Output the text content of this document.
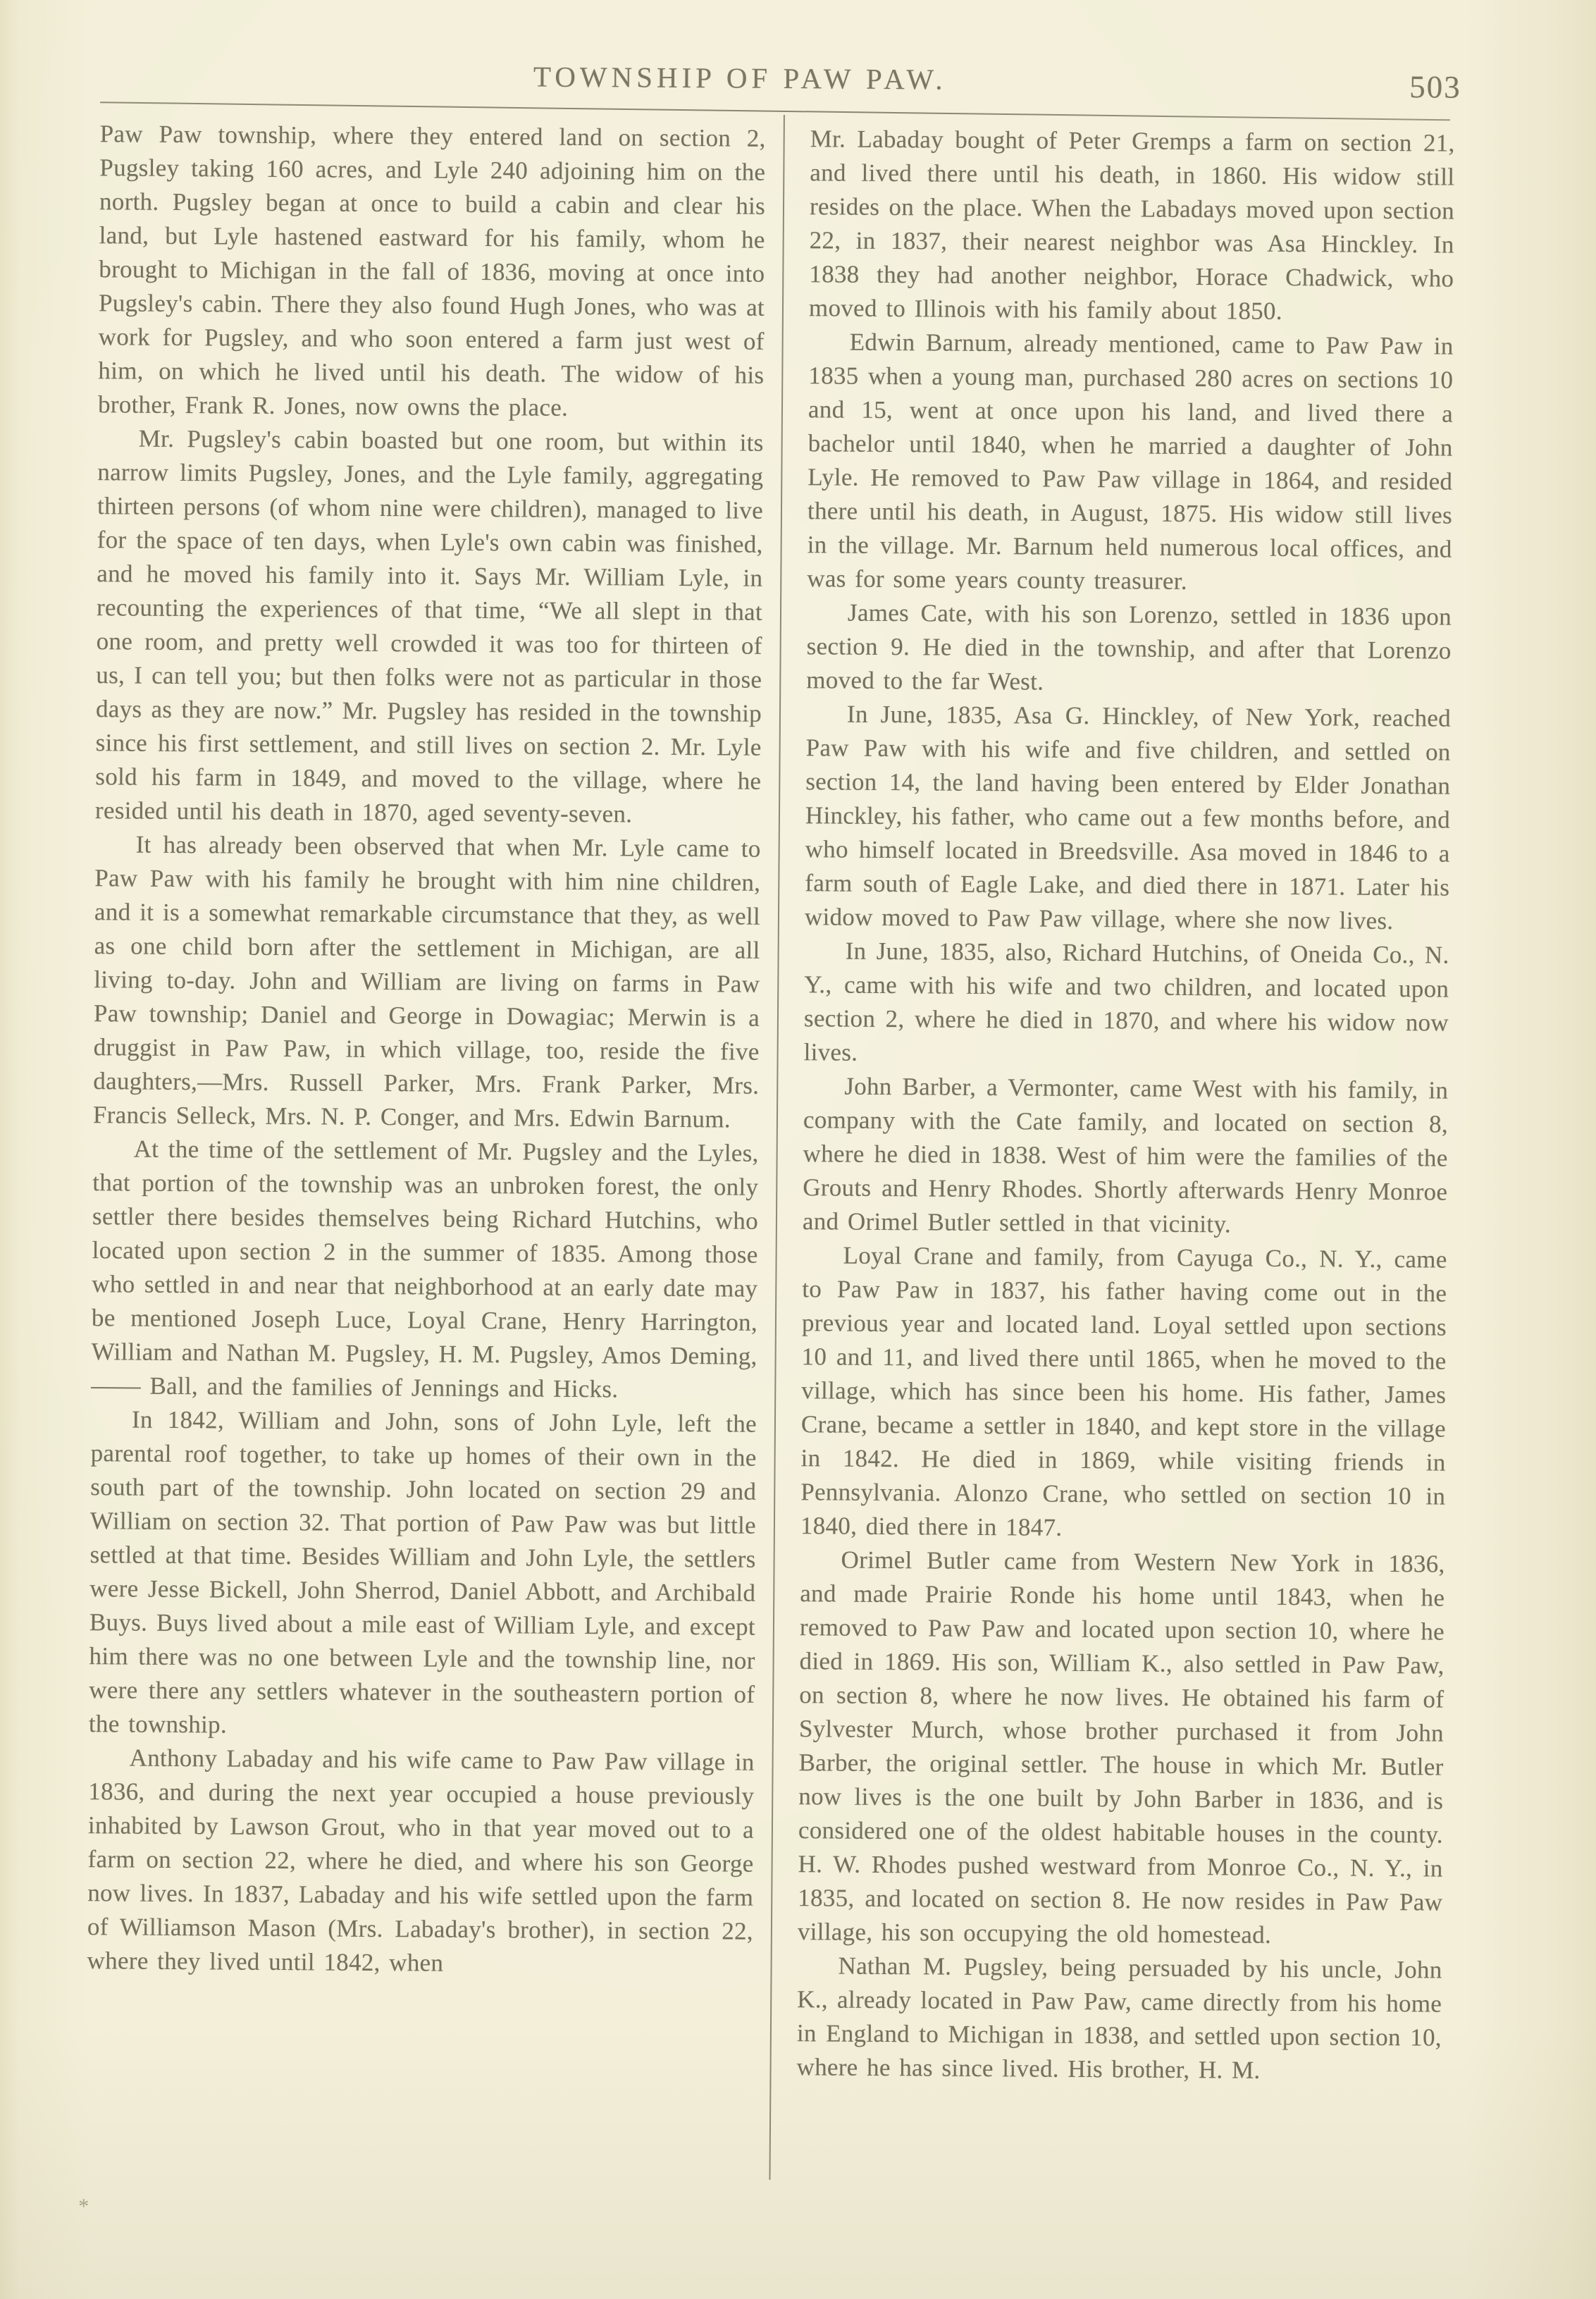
TOWNSHIP OF PAW PAW.	503

Paw Paw township, where they entered land on section 2, Pugsley taking 160 acres, and Lyle 240 adjoining him on the north. Pugsley began at once to build a cabin and clear his land, but Lyle hastened eastward for his family, whom he brought to Michigan in the fall of 1836, moving at once into Pugsley's cabin. There they also found Hugh Jones, who was at work for Pugsley, and who soon entered a farm just west of him, on which he lived until his death. The widow of his brother, Frank R. Jones, now owns the place.

Mr. Pugsley's cabin boasted but one room, but within its narrow limits Pugsley, Jones, and the Lyle family, aggregating thirteen persons (of whom nine were children), managed to live for the space of ten days, when Lyle's own cabin was finished, and he moved his family into it. Says Mr. William Lyle, in recounting the experiences of that time, “We all slept in that one room, and pretty well crowded it was too for thirteen of us, I can tell you; but then folks were not as particular in those days as they are now.” Mr. Pugsley has resided in the township since his first settlement, and still lives on section 2. Mr. Lyle sold his farm in 1849, and moved to the village, where he resided until his death in 1870, aged seventy-seven.

It has already been observed that when Mr. Lyle came to Paw Paw with his family he brought with him nine children, and it is a somewhat remarkable circumstance that they, as well as one child born after the settlement in Michigan, are all living to-day. John and William are living on farms in Paw Paw township; Daniel and George in Dowagiac; Merwin is a druggist in Paw Paw, in which village, too, reside the five daughters,—Mrs. Russell Parker, Mrs. Frank Parker, Mrs. Francis Selleck, Mrs. N. P. Conger, and Mrs. Edwin Barnum.

At the time of the settlement of Mr. Pugsley and the Lyles, that portion of the township was an unbroken forest, the only settler there besides themselves being Richard Hutchins, who located upon section 2 in the summer of 1835. Among those who settled in and near that neighborhood at an early date may be mentioned Joseph Luce, Loyal Crane, Henry Harrington, William and Nathan M. Pugsley, H. M. Pugsley, Amos Deming, —— Ball, and the families of Jennings and Hicks.

In 1842, William and John, sons of John Lyle, left the parental roof together, to take up homes of their own in the south part of the township. John located on section 29 and William on section 32. That portion of Paw Paw was but little settled at that time. Besides William and John Lyle, the settlers were Jesse Bickell, John Sherrod, Daniel Abbott, and Archibald Buys. Buys lived about a mile east of William Lyle, and except him there was no one between Lyle and the township line, nor were there any settlers whatever in the southeastern portion of the township.

Anthony Labaday and his wife came to Paw Paw village in 1836, and during the next year occupied a house previously inhabited by Lawson Grout, who in that year moved out to a farm on section 22, where he died, and where his son George now lives. In 1837, Labaday and his wife settled upon the farm of Williamson Mason (Mrs. Labaday's brother), in section 22, where they lived until 1842, when

Mr. Labaday bought of Peter Gremps a farm on section 21, and lived there until his death, in 1860. His widow still resides on the place. When the Labadays moved upon section 22, in 1837, their nearest neighbor was Asa Hinckley. In 1838 they had another neighbor, Horace Chadwick, who moved to Illinois with his family about 1850.

Edwin Barnum, already mentioned, came to Paw Paw in 1835 when a young man, purchased 280 acres on sections 10 and 15, went at once upon his land, and lived there a bachelor until 1840, when he married a daughter of John Lyle. He removed to Paw Paw village in 1864, and resided there until his death, in August, 1875. His widow still lives in the village. Mr. Barnum held numerous local offices, and was for some years county treasurer.

James Cate, with his son Lorenzo, settled in 1836 upon section 9. He died in the township, and after that Lorenzo moved to the far West.

In June, 1835, Asa G. Hinckley, of New York, reached Paw Paw with his wife and five children, and settled on section 14, the land having been entered by Elder Jonathan Hinckley, his father, who came out a few months before, and who himself located in Breedsville. Asa moved in 1846 to a farm south of Eagle Lake, and died there in 1871. Later his widow moved to Paw Paw village, where she now lives.

In June, 1835, also, Richard Hutchins, of Oneida Co., N. Y., came with his wife and two children, and located upon section 2, where he died in 1870, and where his widow now lives.

John Barber, a Vermonter, came West with his family, in company with the Cate family, and located on section 8, where he died in 1838. West of him were the families of the Grouts and Henry Rhodes. Shortly afterwards Henry Monroe and Orimel Butler settled in that vicinity.

Loyal Crane and family, from Cayuga Co., N. Y., came to Paw Paw in 1837, his father having come out in the previous year and located land. Loyal settled upon sections 10 and 11, and lived there until 1865, when he moved to the village, which has since been his home. His father, James Crane, became a settler in 1840, and kept store in the village in 1842. He died in 1869, while visiting friends in Pennsylvania. Alonzo Crane, who settled on section 10 in 1840, died there in 1847.

Orimel Butler came from Western New York in 1836, and made Prairie Ronde his home until 1843, when he removed to Paw Paw and located upon section 10, where he died in 1869. His son, William K., also settled in Paw Paw, on section 8, where he now lives. He obtained his farm of Sylvester Murch, whose brother purchased it from John Barber, the original settler. The house in which Mr. Butler now lives is the one built by John Barber in 1836, and is considered one of the oldest habitable houses in the county. H. W. Rhodes pushed westward from Monroe Co., N. Y., in 1835, and located on section 8. He now resides in Paw Paw village, his son occupying the old homestead.

Nathan M. Pugsley, being persuaded by his uncle, John K., already located in Paw Paw, came directly from his home in England to Michigan in 1838, and settled upon section 10, where he has since lived. His brother, H. M.

*
